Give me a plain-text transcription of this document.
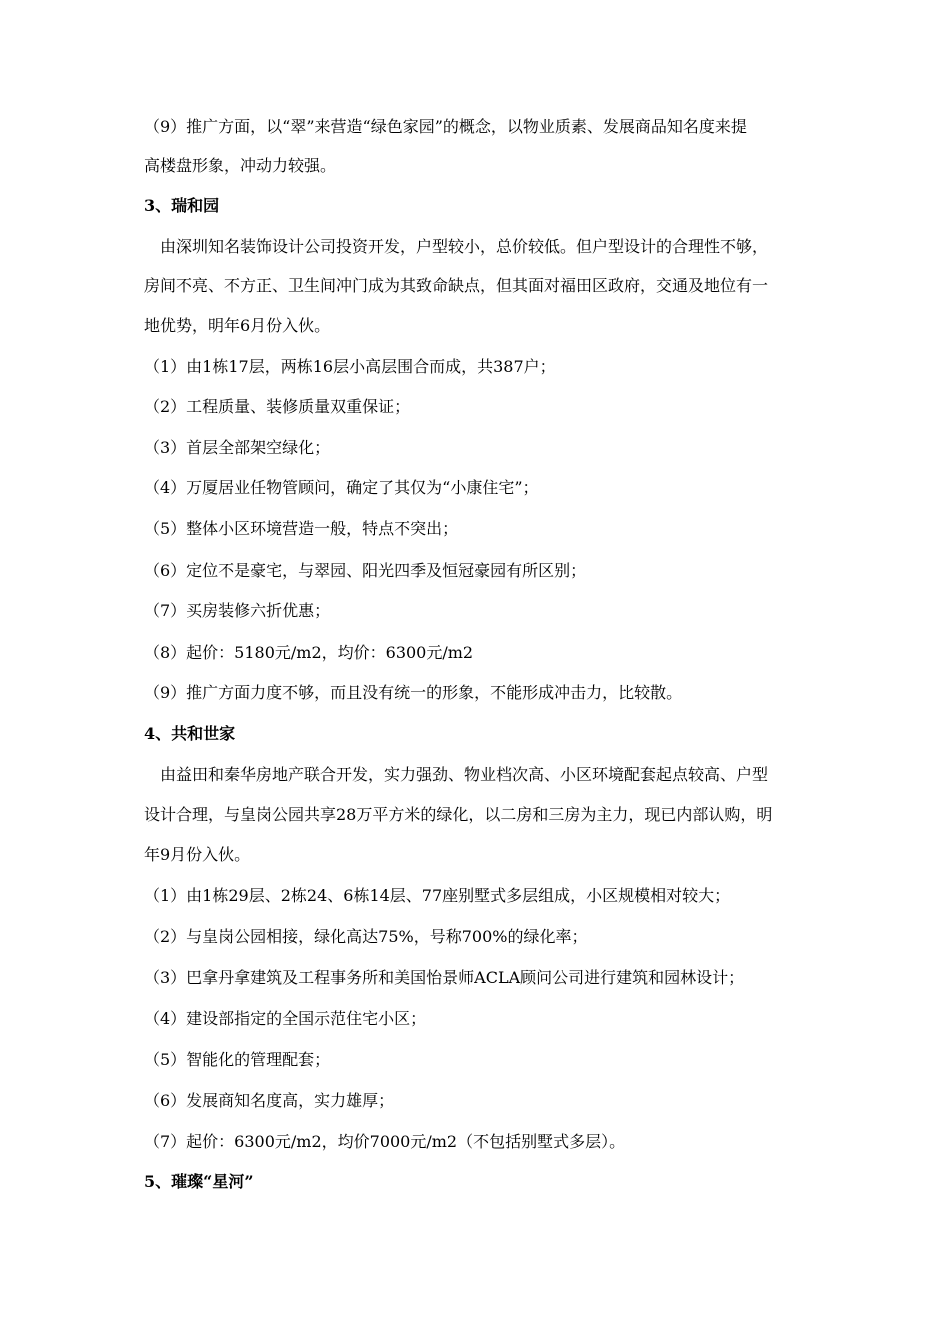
（9）推广方面，以“翠”来营造“绿色家园”的概念，以物业质素、发展商品知名度来提
高楼盘形象，冲动力较强。
3、瑞和园
由深圳知名装饰设计公司投资开发，户型较小，总价较低。但户型设计的合理性不够，
房间不亮、不方正、卫生间冲门成为其致命缺点，但其面对福田区政府，交通及地位有一
地优势，明年6月份入伙。
（1）由1栋17层，两栋16层小高层围合而成，共387户；
（2）工程质量、装修质量双重保证；
（3）首层全部架空绿化；
（4）万厦居业任物管顾问，确定了其仅为“小康住宅”；
（5）整体小区环境营造一般，特点不突出；
（6）定位不是豪宅，与翠园、阳光四季及恒冠豪园有所区别；
（7）买房装修六折优惠；
（8）起价：5180元/m2，均价：6300元/m2
（9）推广方面力度不够，而且没有统一的形象，不能形成冲击力，比较散。
4、共和世家
由益田和秦华房地产联合开发，实力强劲、物业档次高、小区环境配套起点较高、户型
设计合理，与皇岗公园共享28万平方米的绿化，以二房和三房为主力，现已内部认购，明
年9月份入伙。
（1）由1栋29层、2栋24、6栋14层、77座别墅式多层组成，小区规模相对较大；
（2）与皇岗公园相接，绿化高达75%，号称700%的绿化率；
（3）巴拿丹拿建筑及工程事务所和美国怡景师ACLA顾问公司进行建筑和园林设计；
（4）建设部指定的全国示范住宅小区；
（5）智能化的管理配套；
（6）发展商知名度高，实力雄厚；
（7）起价：6300元/m2，均价7000元/m2（不包括别墅式多层）。
5、璀璨“星河”
